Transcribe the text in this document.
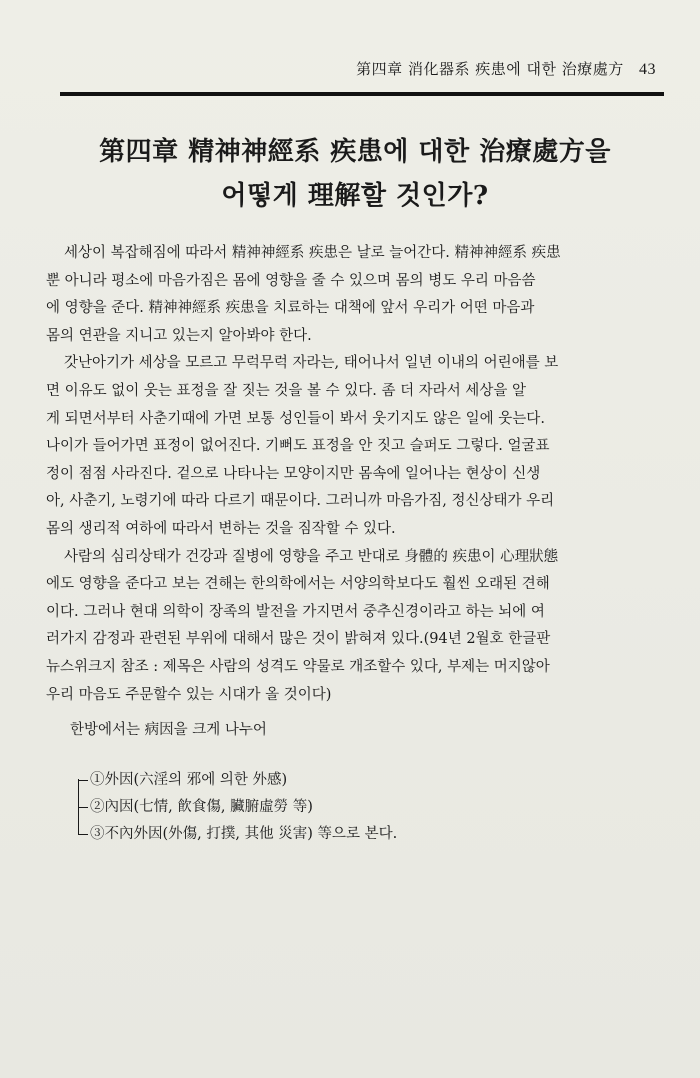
第四章 消化器系 疾患에 대한 治療處方 43
第四章 精神神經系 疾患에 대한 治療處方을
어떻게 理解할 것인가?

세상이 복잡해짐에 따라서 精神神經系 疾患은 날로 늘어간다. 精神神經系 疾患
뿐 아니라 평소에 마음가짐은 몸에 영향을 줄 수 있으며 몸의 병도 우리 마음씀
에 영향을 준다. 精神神經系 疾患을 치료하는 대책에 앞서 우리가 어떤 마음과
몸의 연관을 지니고 있는지 알아봐야 한다.

갓난아기가 세상을 모르고 무럭무럭 자라는, 태어나서 일년 이내의 어린애를 보
면 이유도 없이 웃는 표정을 잘 짓는 것을 볼 수 있다. 좀 더 자라서 세상을 알
게 되면서부터 사춘기때에 가면 보통 성인들이 봐서 웃기지도 않은 일에 웃는다.
나이가 들어가면 표정이 없어진다. 기뻐도 표정을 안 짓고 슬퍼도 그렇다. 얼굴표
정이 점점 사라진다. 겉으로 나타나는 모양이지만 몸속에 일어나는 현상이 신생
아, 사춘기, 노령기에 따라 다르기 때문이다. 그러니까 마음가짐, 정신상태가 우리
몸의 생리적 여하에 따라서 변하는 것을 짐작할 수 있다.

사람의 심리상태가 건강과 질병에 영향을 주고 반대로 身體的 疾患이 心理狀態
에도 영향을 준다고 보는 견해는 한의학에서는 서양의학보다도 훨씬 오래된 견해
이다. 그러나 현대 의학이 장족의 발전을 가지면서 중추신경이라고 하는 뇌에 여
러가지 감정과 관련된 부위에 대해서 많은 것이 밝혀져 있다.(94년 2월호 한글판
뉴스위크지 참조 : 제목은 사람의 성격도 약물로 개조할수 있다, 부제는 머지않아
우리 마음도 주문할수 있는 시대가 올 것이다)

한방에서는 病因을 크게 나누어
①外因(六淫의 邪에 의한 外感)
②內因(七情, 飮食傷, 臟腑虛勞 等)
③不內外因(外傷, 打撲, 其他 災害) 等으로 본다.
